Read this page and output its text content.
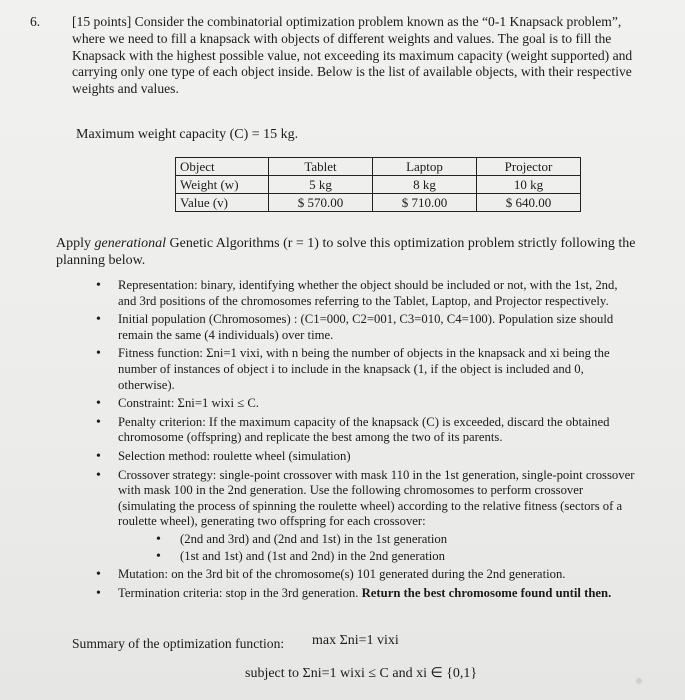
6. [15 points] Consider the combinatorial optimization problem known as the “0-1 Knapsack problem”, where we need to fill a knapsack with objects of different weights and values. The goal is to fill the Knapsack with the highest possible value, not exceeding its maximum capacity (weight supported) and carrying only one type of each object inside. Below is the list of available objects, with their respective weights and values.
Maximum weight capacity (C) = 15 kg.
Object	Tablet	Laptop	Projector
Weight (w)	5 kg	8 kg	10 kg
Value (v)	$ 570.00	$ 710.00	$ 640.00
Apply generational Genetic Algorithms (r = 1) to solve this optimization problem strictly following the planning below.
• Representation: binary, identifying whether the object should be included or not, with the 1st, 2nd, and 3rd positions of the chromosomes referring to the Tablet, Laptop, and Projector respectively.
• Initial population (Chromosomes) : (C1=000, C2=001, C3=010, C4=100). Population size should remain the same (4 individuals) over time.
• Fitness function: Σni=1 vixi, with n being the number of objects in the knapsack and xi being the number of instances of object i to include in the knapsack (1, if the object is included and 0, otherwise).
• Constraint: Σni=1 wixi ≤ C.
• Penalty criterion: If the maximum capacity of the knapsack (C) is exceeded, discard the obtained chromosome (offspring) and replicate the best among the two of its parents.
• Selection method: roulette wheel (simulation)
• Crossover strategy: single-point crossover with mask 110 in the 1st generation, single-point crossover with mask 100 in the 2nd generation. Use the following chromosomes to perform crossover (simulating the process of spinning the roulette wheel) according to the relative fitness (sectors of a roulette wheel), generating two offspring for each crossover:
• (2nd and 3rd) and (2nd and 1st) in the 1st generation
• (1st and 1st) and (1st and 2nd) in the 2nd generation
• Mutation: on the 3rd bit of the chromosome(s) 101 generated during the 2nd generation.
• Termination criteria: stop in the 3rd generation. Return the best chromosome found until then.
Summary of the optimization function: max Σni=1 vixi
subject to Σni=1 wixi ≤ C and xi ∈ {0,1}
